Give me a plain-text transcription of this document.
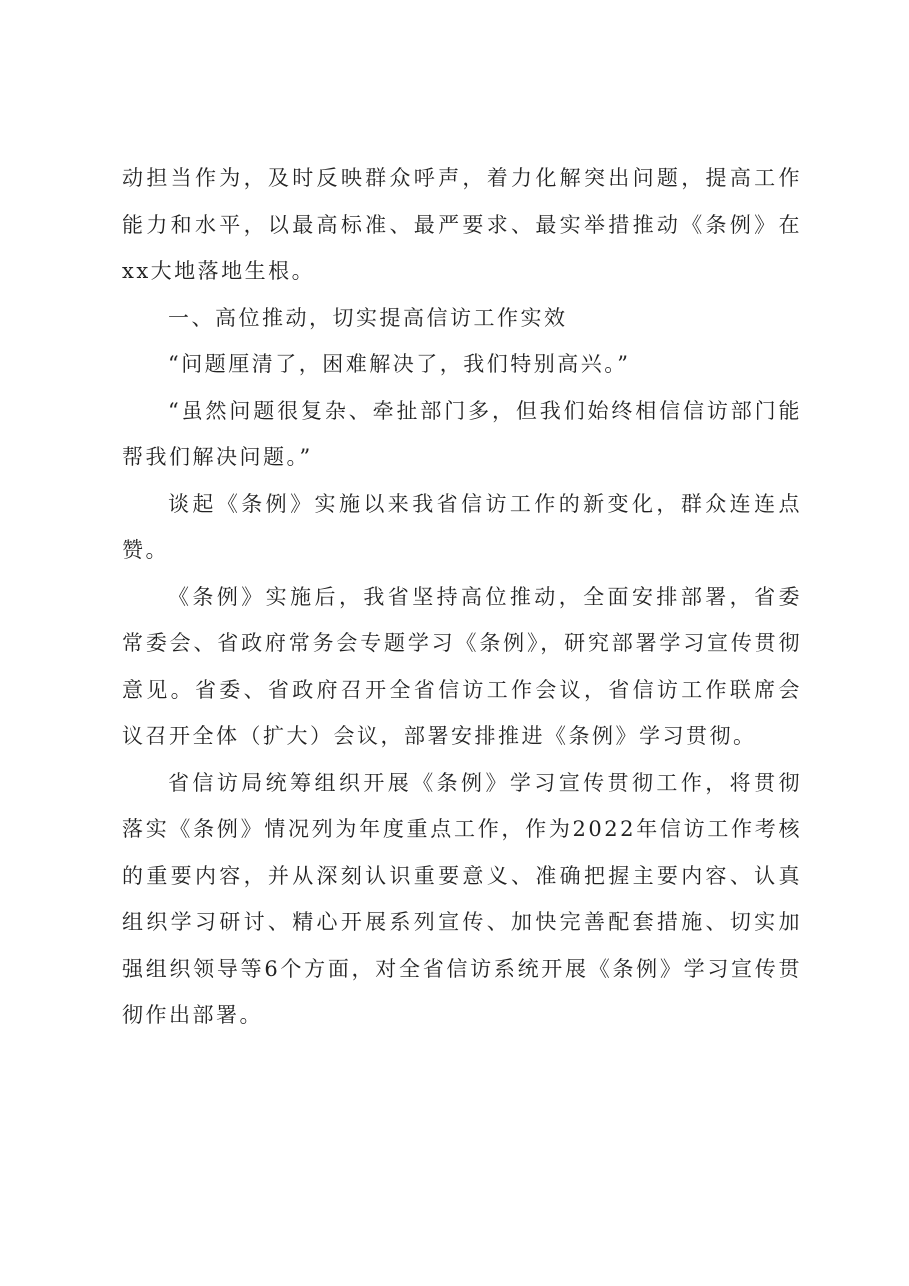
动担当作为，及时反映群众呼声，着力化解突出问题，提高工作能力和水平，以最高标准、最严要求、最实举措推动《条例》在xx大地落地生根。

一、高位推动，切实提高信访工作实效

“问题厘清了，困难解决了，我们特别高兴。”

“虽然问题很复杂、牵扯部门多，但我们始终相信信访部门能帮我们解决问题。”

谈起《条例》实施以来我省信访工作的新变化，群众连连点赞。

《条例》实施后，我省坚持高位推动，全面安排部署，省委常委会、省政府常务会专题学习《条例》，研究部署学习宣传贯彻意见。省委、省政府召开全省信访工作会议，省信访工作联席会议召开全体（扩大）会议，部署安排推进《条例》学习贯彻。

省信访局统筹组织开展《条例》学习宣传贯彻工作，将贯彻落实《条例》情况列为年度重点工作，作为2022年信访工作考核的重要内容，并从深刻认识重要意义、准确把握主要内容、认真组织学习研讨、精心开展系列宣传、加快完善配套措施、切实加强组织领导等6个方面，对全省信访系统开展《条例》学习宣传贯彻作出部署。
